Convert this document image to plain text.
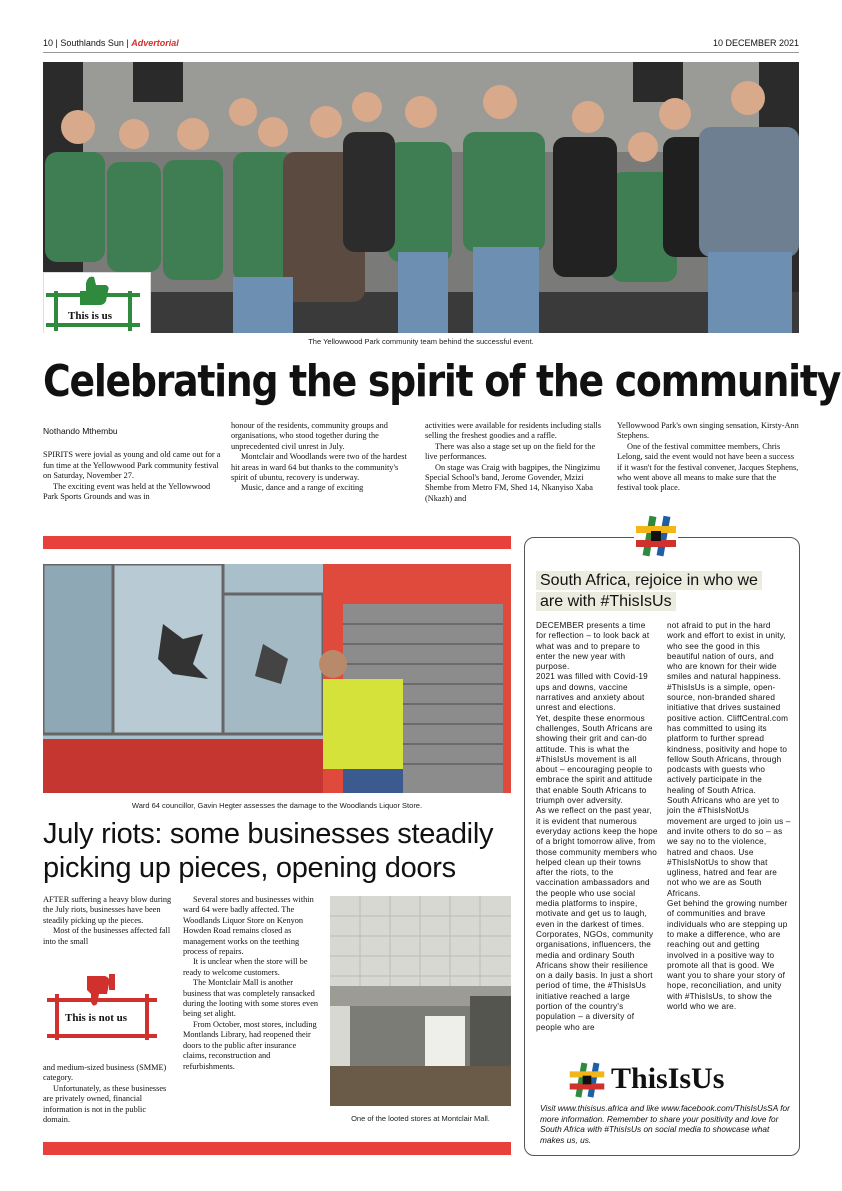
10 | Southlands Sun | Advertorial	10 DECEMBER 2021
This is us
The Yellowwood Park community team behind the successful event.
Celebrating the spirit of the community
Nothando Mthembu

SPIRITS were jovial as young and old came out for a fun time at the Yellowwood Park community festival on Saturday, November 27.

The exciting event was held at the Yellowwood Park Sports Grounds and was in

honour of the residents, community groups and organisations, who stood together during the unprecedented civil unrest in July.

Montclair and Woodlands were two of the hardest hit areas in ward 64 but thanks to the community's spirit of ubuntu, recovery is underway.

Music, dance and a range of exciting

activities were available for residents including stalls selling the freshest goodies and a raffle.

There was also a stage set up on the field for the live performances.

On stage was Craig with bagpipes, the Ningizimu Special School's band, Jerome Govender, Mzizi Shembe from Metro FM, Shed 14, Nkanyiso Xaba (Nkazh) and

Yellowwood Park's own singing sensation, Kirsty-Ann Stephens.

One of the festival committee members, Chris Lelong, said the event would not have been a success if it wasn't for the festival convener, Jacques Stephens, who went above all means to make sure that the festival took place.

Ward 64 councillor, Gavin Hegter assesses the damage to the Woodlands Liquor Store.
July riots: some businesses steadily
picking up pieces, opening doors

AFTER suffering a heavy blow during the July riots, businesses have been steadily picking up the pieces.

Most of the businesses affected fall into the small

This is not us

and medium-sized business (SMME) category.

Unfortunately, as these businesses are privately owned, financial information is not in the public domain.

Several stores and businesses within ward 64 were badly affected. The Woodlands Liquor Store on Kenyon Howden Road remains closed as management works on the teething process of repairs.

It is unclear when the store will be ready to welcome customers.

The Montclair Mall is another business that was completely ransacked during the looting with some stores even being set alight.

From October, most stores, including Montlands Library, had reopened their doors to the public after insurance claims, reconstruction and refurbishments.

One of the looted stores at Montclair Mall.
South Africa, rejoice in who we
are with #ThisIsUs
DECEMBER presents a time for reflection – to look back at what was and to prepare to enter the new year with purpose.
2021 was filled with Covid-19 ups and downs, vaccine narratives and anxiety about unrest and elections.
Yet, despite these enormous challenges, South Africans are showing their grit and can-do attitude. This is what the #ThisIsUs movement is all about – encouraging people to embrace the spirit and attitude that enable South Africans to triumph over adversity.
As we reflect on the past year, it is evident that numerous everyday actions keep the hope of a bright tomorrow alive, from those community members who helped clean up their towns after the riots, to the vaccination ambassadors and the people who use social media platforms to inspire, motivate and get us to laugh, even in the darkest of times.
Corporates, NGOs, community organisations, influencers, the media and ordinary South Africans show their resilience on a daily basis. In just a short period of time, the #ThisIsUs initiative reached a large portion of the country's population – a diversity of people who are
not afraid to put in the hard work and effort to exist in unity, who see the good in this beautiful nation of ours, and who are known for their wide smiles and natural happiness.
#ThisIsUs is a simple, open-source, non-branded shared initiative that drives sustained positive action. CliffCentral.com has committed to using its platform to further spread kindness, positivity and hope to fellow South Africans, through podcasts with guests who actively participate in the healing of South Africa.
South Africans who are yet to join the #ThisIsNotUs movement are urged to join us – and invite others to do so – as we say no to the violence, hatred and chaos. Use #ThisIsNotUs to show that ugliness, hatred and fear are not who we are as South Africans.
Get behind the growing number of communities and brave individuals who are stepping up to make a difference, who are reaching out and getting involved in a positive way to promote all that is good. We want you to share your story of hope, reconciliation, and unity with #ThisIsUs, to show the world who we are.
ThisIsUs
Visit www.thisisus.africa and like www.facebook.com/ThisIsUsSA for more information. Remember to share your positivity and love for South Africa with #ThisIsUs on social media to showcase what makes us, us.
